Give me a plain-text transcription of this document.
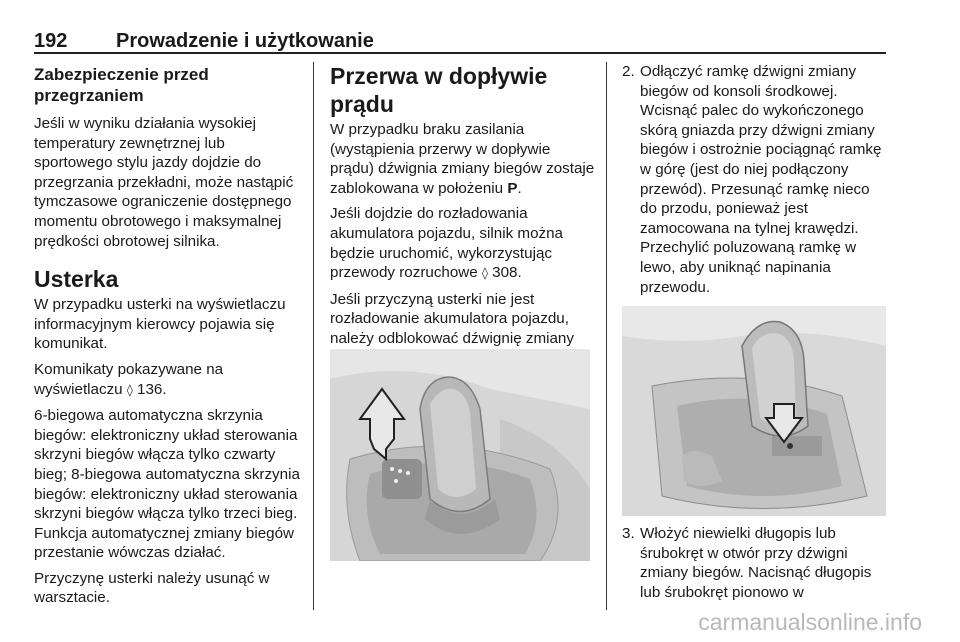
192 Prowadzenie i użytkowanie
Zabezpieczenie przed przegrzaniem

Jeśli w wyniku działania wysokiej temperatury zewnętrznej lub sportowego stylu jazdy dojdzie do przegrzania przekładni, może nastąpić tymczasowe ograniczenie dostępnego momentu obrotowego i maksymalnej prędkości obrotowej silnika.

Usterka

W przypadku usterki na wyświetlaczu informacyjnym kierowcy pojawia się komunikat.

Komunikaty pokazywane na wyświetlaczu ◊ 136.

6-biegowa automatyczna skrzynia biegów: elektroniczny układ sterowania skrzyni biegów włącza tylko czwarty bieg; 8-biegowa automatyczna skrzynia biegów: elektroniczny układ sterowania skrzyni biegów włącza tylko trzeci bieg. Funkcja automatycznej zmiany biegów przestanie wówczas działać.

Przyczynę usterki należy usunąć w warsztacie.

Przerwa w dopływie prądu

W przypadku braku zasilania (wystąpienia przerwy w dopływie prądu) dźwignia zmiany biegów zostaje zablokowana w położeniu P.

Jeśli dojdzie do rozładowania akumulatora pojazdu, silnik można będzie uruchomić, wykorzystując przewody rozruchowe ◊ 308.

Jeśli przyczyną usterki nie jest rozładowanie akumulatora pojazdu, należy odblokować dźwignię zmiany

2. Odłączyć ramkę dźwigni zmiany biegów od konsoli środkowej. Wcisnąć palec do wykończonego skórą gniazda przy dźwigni zmiany biegów i ostrożnie pociągnąć ramkę w górę (jest do niej podłączony przewód). Przesunąć ramkę nieco do przodu, ponieważ jest zamocowana na tylnej krawędzi. Przechylić poluzowaną ramkę w lewo, aby uniknąć napinania przewodu.
3. Włożyć niewielki długopis lub śrubokręt w otwór przy dźwigni zmiany biegów. Nacisnąć długopis lub śrubokręt pionowo w
carmanualsonline.info
